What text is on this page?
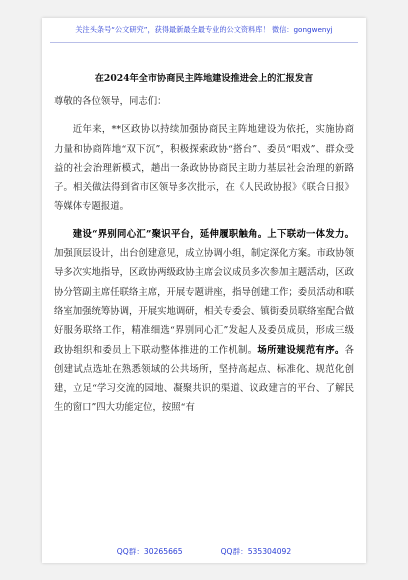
关注头条号“公文研究”，获得最新最全最专业的公文资料库！ 微信：gongwenyj
在2024年全市协商民主阵地建设推进会上的汇报发言

尊敬的各位领导，同志们：

近年来，**区政协以持续加强协商民主阵地建设为依托，实施协商力量和协商阵地“双下沉”，积极探索政协“搭台”、委员“唱戏”、群众受益的社会治理新模式，趟出一条政协协商民主助力基层社会治理的新路子。相关做法得到省市区领导多次批示，在《人民政协报》《联合日报》等媒体专题报道。

建设“界别同心汇”聚识平台，延伸履职触角。上下联动一体发力。加强顶层设计，出台创建意见，成立协调小组，制定深化方案。市政协领导多次实地指导，区政协两级政协主席会议成员多次参加主题活动，区政协分管副主席任联络主席，开展专题讲座，指导创建工作；委员活动和联络室加强统筹协调，开展实地调研，相关专委会、镇街委员联络室配合做好服务联络工作，精准细选“界别同心汇”发起人及委员成员，形成三级政协组织和委员上下联动整体推进的工作机制。场所建设规范有序。各创建试点选址在熟悉领域的公共场所，坚持高起点、标准化、规范化创建，立足“学习交流的园地、凝聚共识的渠道、议政建言的平台、了解民生的窗口”四大功能定位，按照“有

QQ群：30265665	QQ群：535304092
